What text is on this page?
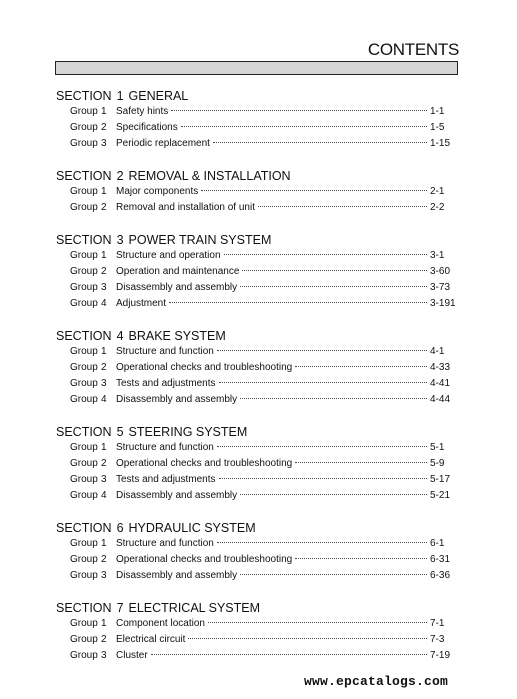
CONTENTS
SECTION 1 GENERAL
Group 1 Safety hints	1-1
Group 2 Specifications	1-5
Group 3 Periodic replacement	1-15
SECTION 2 REMOVAL & INSTALLATION
Group 1 Major components	2-1
Group 2 Removal and installation of unit	2-2
SECTION 3 POWER TRAIN SYSTEM
Group 1 Structure and operation	3-1
Group 2 Operation and maintenance	3-60
Group 3 Disassembly and assembly	3-73
Group 4 Adjustment	3-191
SECTION 4 BRAKE SYSTEM
Group 1 Structure and function	4-1
Group 2 Operational checks and troubleshooting	4-33
Group 3 Tests and adjustments	4-41
Group 4 Disassembly and assembly	4-44
SECTION 5 STEERING SYSTEM
Group 1 Structure and function	5-1
Group 2 Operational checks and troubleshooting	5-9
Group 3 Tests and adjustments	5-17
Group 4 Disassembly and assembly	5-21
SECTION 6 HYDRAULIC SYSTEM
Group 1 Structure and function	6-1
Group 2 Operational checks and troubleshooting	6-31
Group 3 Disassembly and assembly	6-36
SECTION 7 ELECTRICAL SYSTEM
Group 1 Component location	7-1
Group 2 Electrical circuit	7-3
Group 3 Cluster	7-19
www.epcatalogs.com
